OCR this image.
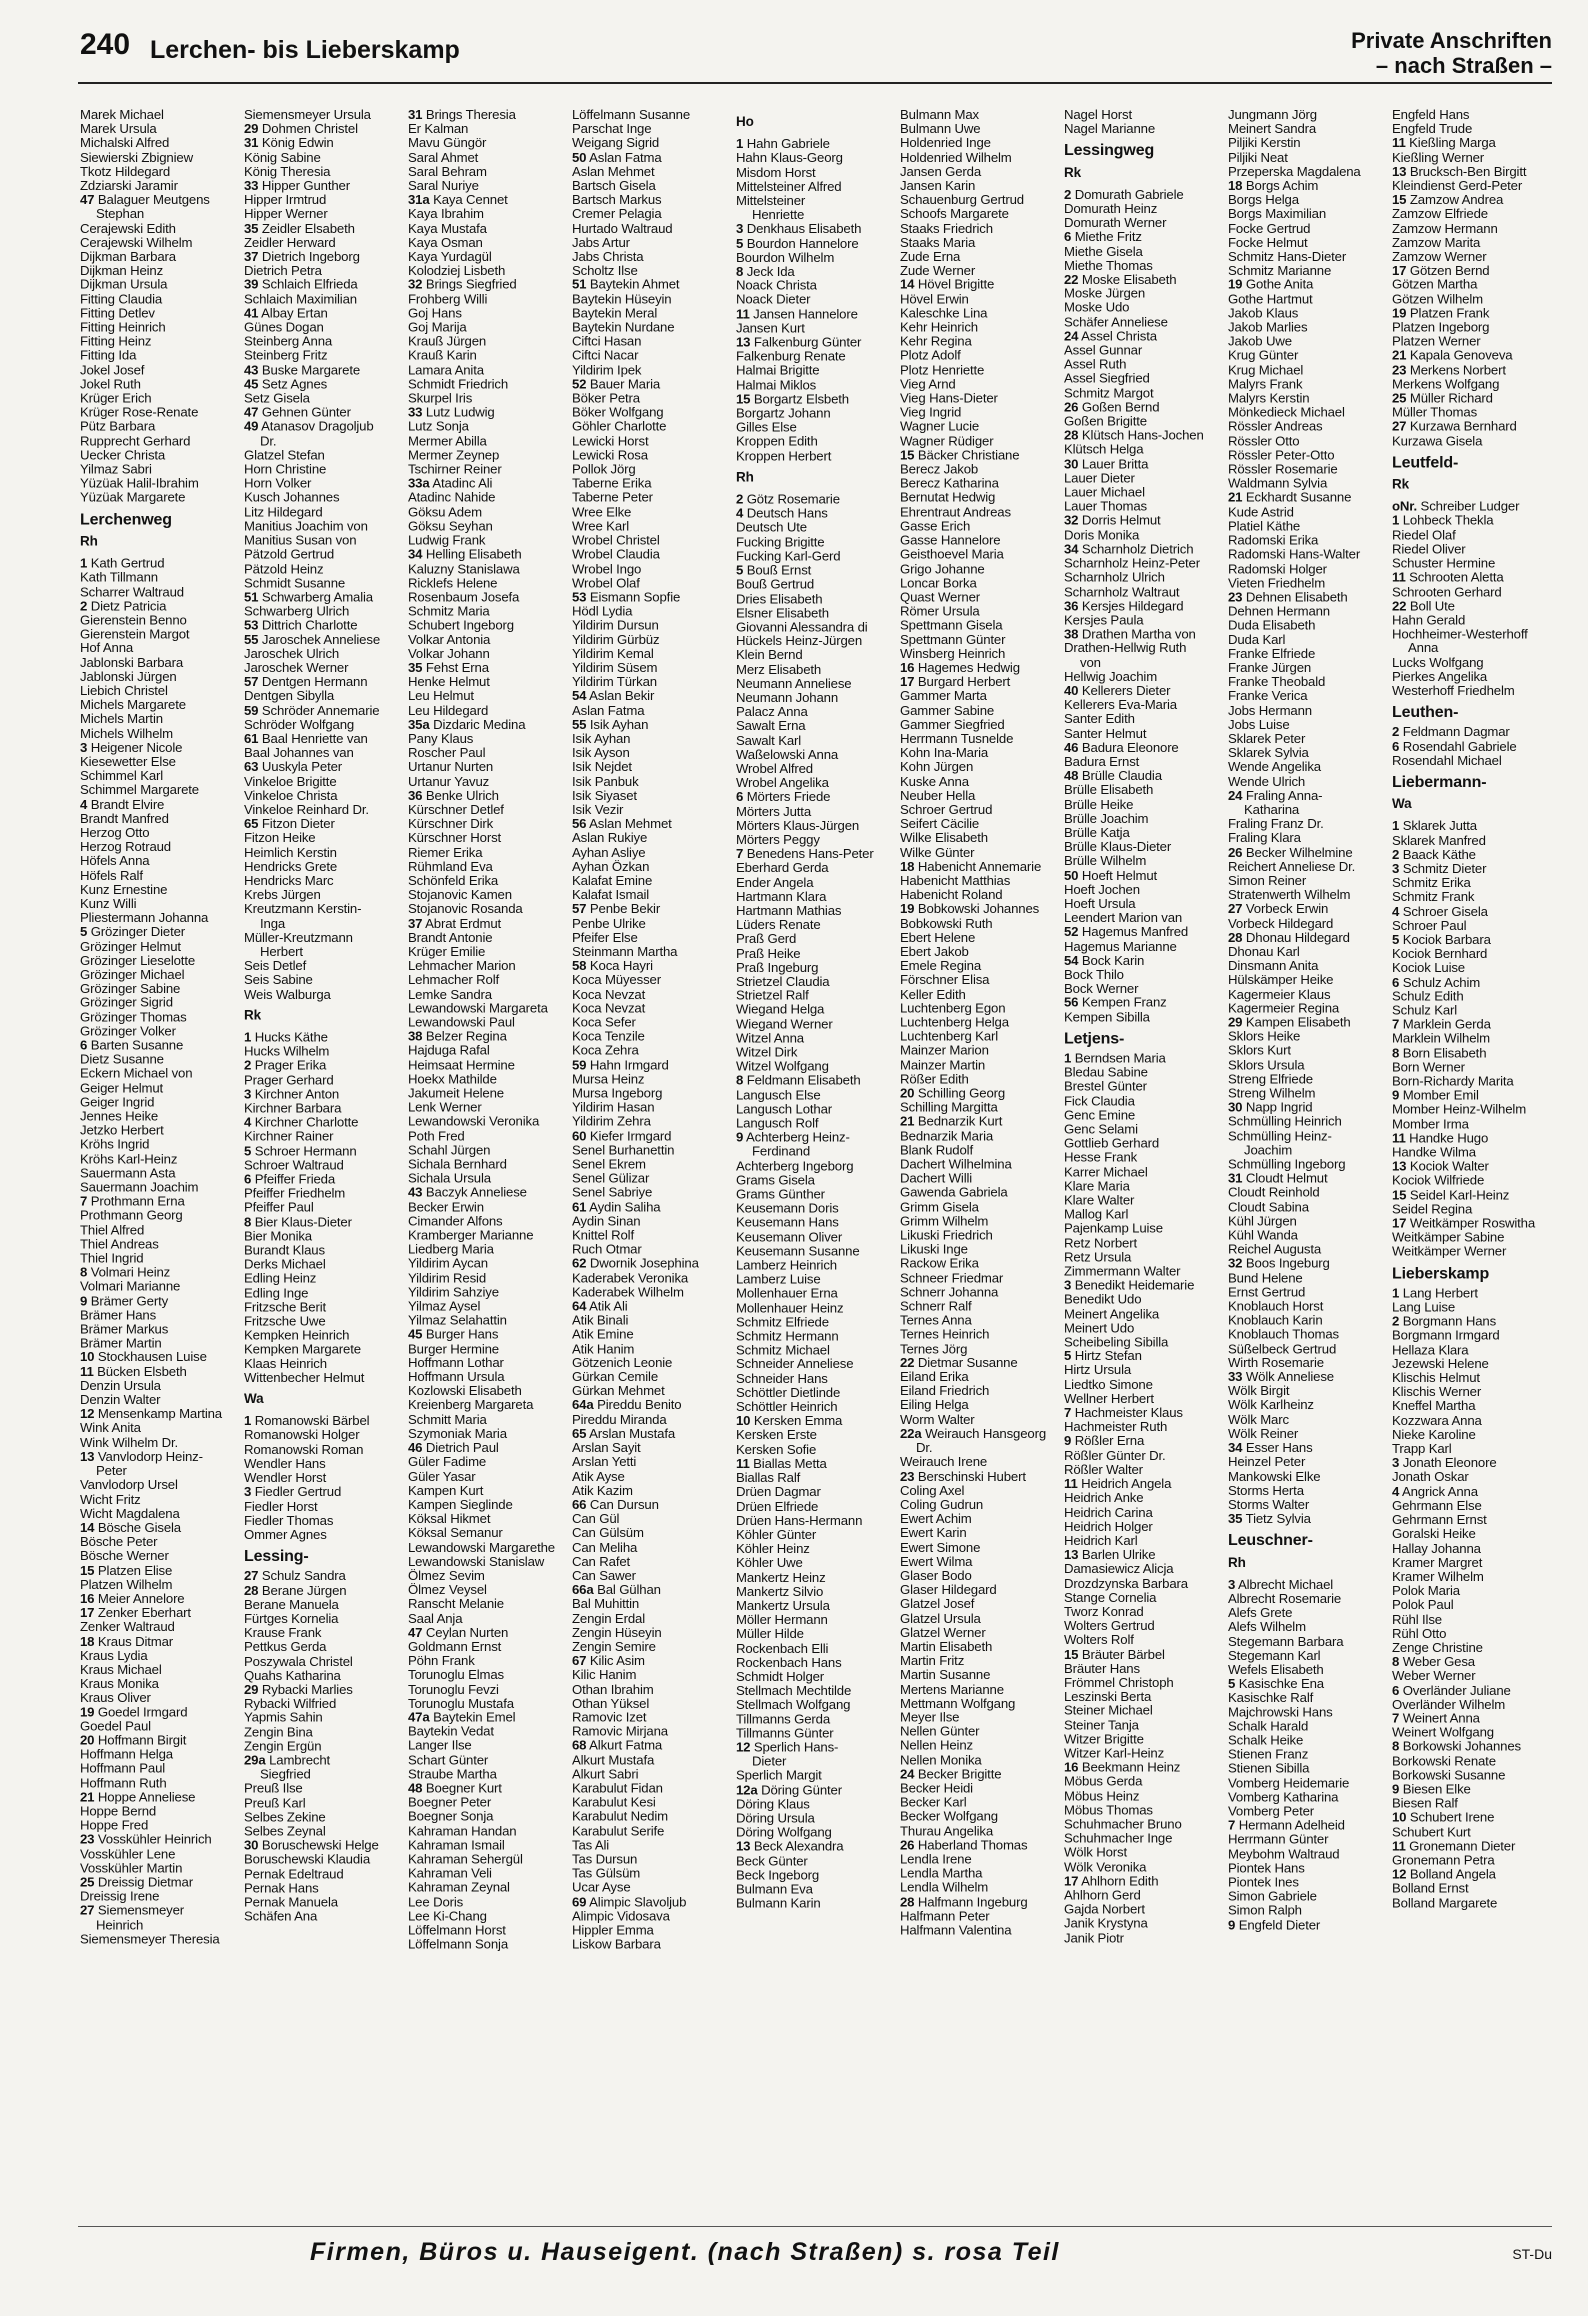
240 Lerchen- bis Lieberskamp	Private Anschriften
– nach Straßen –
Marek Michael
Marek Ursula
Michalski Alfred
Siewierski Zbigniew
Tkotz Hildegard
Zdziarski Jaramir
47 Balaguer Meutgens
Stephan
Cerajewski Edith
Cerajewski Wilhelm
Dijkman Barbara
Dijkman Heinz
Dijkman Ursula
Fitting Claudia
Fitting Detlev
Fitting Heinrich
Fitting Heinz
Fitting Ida
Jokel Josef
Jokel Ruth
Krüger Erich
Krüger Rose-Renate
Pütz Barbara
Rupprecht Gerhard
Uecker Christa
Yilmaz Sabri
Yüzüak Halil-Ibrahim
Yüzüak Margarete
Lerchenweg
Rh
1 Kath Gertrud
Kath Tillmann
Scharrer Waltraud
2 Dietz Patricia
Gierenstein Benno
Gierenstein Margot
Hof Anna
Jablonski Barbara
Jablonski Jürgen
Liebich Christel
Michels Margarete
Michels Martin
Michels Wilhelm
3 Heigener Nicole
Kiesewetter Else
Schimmel Karl
Schimmel Margarete
4 Brandt Elvire
Brandt Manfred
Herzog Otto
Herzog Rotraud
Höfels Anna
Höfels Ralf
Kunz Ernestine
Kunz Willi
Pliestermann Johanna
5 Grözinger Dieter
Grözinger Helmut
Grözinger Lieselotte
Grözinger Michael
Grözinger Sabine
Grözinger Sigrid
Grözinger Thomas
Grözinger Volker
6 Barten Susanne
Dietz Susanne
Eckern Michael von
Geiger Helmut
Geiger Ingrid
Jennes Heike
Jetzko Herbert
Kröhs Ingrid
Kröhs Karl-Heinz
Sauermann Asta
Sauermann Joachim
7 Prothmann Erna
Prothmann Georg
Thiel Alfred
Thiel Andreas
Thiel Ingrid
8 Volmari Heinz
Volmari Marianne
9 Brämer Gerty
Brämer Hans
Brämer Markus
Brämer Martin
10 Stockhausen Luise
11 Bücken Elsbeth
Denzin Ursula
Denzin Walter
12 Mensenkamp Martina
Wink Anita
Wink Wilhelm Dr.
13 Vanvlodorp Heinz-
Peter
Vanvlodorp Ursel
Wicht Fritz
Wicht Magdalena
14 Bösche Gisela
Bösche Peter
Bösche Werner
15 Platzen Elise
Platzen Wilhelm
16 Meier Annelore
17 Zenker Eberhart
Zenker Waltraud
18 Kraus Ditmar
Kraus Lydia
Kraus Michael
Kraus Monika
Kraus Oliver
19 Goedel Irmgard
Goedel Paul
20 Hoffmann Birgit
Hoffmann Helga
Hoffmann Paul
Hoffmann Ruth
21 Hoppe Anneliese
Hoppe Bernd
Hoppe Fred
23 Vosskühler Heinrich
Vosskühler Lene
Vosskühler Martin
25 Dreissig Dietmar
Dreissig Irene
27 Siemensmeyer
Heinrich
Siemensmeyer Theresia
Siemensmeyer Ursula
29 Dohmen Christel
31 König Edwin
König Sabine
König Theresia
33 Hipper Gunther
Hipper Irmtrud
Hipper Werner
35 Zeidler Elsabeth
Zeidler Herward
37 Dietrich Ingeborg
Dietrich Petra
39 Schlaich Elfrieda
Schlaich Maximilian
41 Albay Ertan
Günes Dogan
Steinberg Anna
Steinberg Fritz
43 Buske Margarete
45 Setz Agnes
Setz Gisela
47 Gehnen Günter
49 Atanasov Dragoljub
Dr.
Glatzel Stefan
Horn Christine
Horn Volker
Kusch Johannes
Litz Hildegard
Manitius Joachim von
Manitius Susan von
Pätzold Gertrud
Pätzold Heinz
Schmidt Susanne
51 Schwarberg Amalia
Schwarberg Ulrich
53 Dittrich Charlotte
55 Jaroschek Anneliese
Jaroschek Ulrich
Jaroschek Werner
57 Dentgen Hermann
Dentgen Sibylla
59 Schröder Annemarie
Schröder Wolfgang
61 Baal Henriette van
Baal Johannes van
63 Uuskyla Peter
Vinkeloe Brigitte
Vinkeloe Christa
Vinkeloe Reinhard Dr.
65 Fitzon Dieter
Fitzon Heike
Heimlich Kerstin
Hendricks Grete
Hendricks Marc
Krebs Jürgen
Kreutzmann Kerstin-
Inga
Müller-Kreutzmann
Herbert
Seis Detlef
Seis Sabine
Weis Walburga
Rk
1 Hucks Käthe
Hucks Wilhelm
2 Prager Erika
Prager Gerhard
3 Kirchner Anton
Kirchner Barbara
4 Kirchner Charlotte
Kirchner Rainer
5 Schroer Hermann
Schroer Waltraud
6 Pfeiffer Frieda
Pfeiffer Friedhelm
Pfeiffer Paul
8 Bier Klaus-Dieter
Bier Monika
Burandt Klaus
Derks Michael
Edling Heinz
Edling Inge
Fritzsche Berit
Fritzsche Uwe
Kempken Heinrich
Kempken Margarete
Klaas Heinrich
Wittenbecher Helmut
Wa
1 Romanowski Bärbel
Romanowski Holger
Romanowski Roman
Wendler Hans
Wendler Horst
3 Fiedler Gertrud
Fiedler Horst
Fiedler Thomas
Ommer Agnes
Lessing-
27 Schulz Sandra
28 Berane Jürgen
Berane Manuela
Fürtges Kornelia
Krause Frank
Pettkus Gerda
Poszywala Christel
Quahs Katharina
29 Rybacki Marlies
Rybacki Wilfried
Yapmis Sahin
Zengin Bina
Zengin Ergün
29a Lambrecht
Siegfried
Preuß Ilse
Preuß Karl
Selbes Zekine
Selbes Zeynal
30 Boruschewski Helge
Boruschewski Klaudia
Pernak Edeltraud
Pernak Hans
Pernak Manuela
Schäfen Ana
31 Brings Theresia
Er Kalman
Mavu Güngör
Saral Ahmet
Saral Behram
Saral Nuriye
31a Kaya Cennet
Kaya Ibrahim
Kaya Mustafa
Kaya Osman
Kaya Yurdagül
Kolodziej Lisbeth
32 Brings Siegfried
Frohberg Willi
Goj Hans
Goj Marija
Krauß Jürgen
Krauß Karin
Lamara Anita
Schmidt Friedrich
Skurpel Iris
33 Lutz Ludwig
Lutz Sonja
Mermer Abilla
Mermer Zeynep
Tschirner Reiner
33a Atadinc Ali
Atadinc Nahide
Göksu Adem
Göksu Seyhan
Ludwig Frank
34 Helling Elisabeth
Kaluzny Stanislawa
Ricklefs Helene
Rosenbaum Josefa
Schmitz Maria
Schubert Ingeborg
Volkar Antonia
Volkar Johann
35 Fehst Erna
Henke Helmut
Leu Helmut
Leu Hildegard
35a Dizdaric Medina
Pany Klaus
Roscher Paul
Urtanur Nurten
Urtanur Yavuz
36 Benke Ulrich
Kürschner Detlef
Kürschner Dirk
Kürschner Horst
Riemer Erika
Rühmland Eva
Schönfeld Erika
Stojanovic Kamen
Stojanovic Rosanda
37 Abrat Erdmut
Brandt Antonie
Krüger Emilie
Lehmacher Marion
Lehmacher Rolf
Lemke Sandra
Lewandowski Margareta
Lewandowski Paul
38 Belzer Regina
Hajduga Rafal
Heimsaat Hermine
Hoekx Mathilde
Jakumeit Helene
Lenk Werner
Lewandowski Veronika
Poth Fred
Schahl Jürgen
Sichala Bernhard
Sichala Ursula
43 Baczyk Anneliese
Becker Erwin
Cimander Alfons
Kramberger Marianne
Liedberg Maria
Yildirim Aycan
Yildirim Resid
Yildirim Sahziye
Yilmaz Aysel
Yilmaz Selahattin
45 Burger Hans
Burger Hermine
Hoffmann Lothar
Hoffmann Ursula
Kozlowski Elisabeth
Kreienberg Margareta
Schmitt Maria
Szymoniak Maria
46 Dietrich Paul
Güler Fadime
Güler Yasar
Kampen Kurt
Kampen Sieglinde
Köksal Hikmet
Köksal Semanur
Lewandowski Margarethe
Lewandowski Stanislaw
Ölmez Sevim
Ölmez Veysel
Ranscht Melanie
Saal Anja
47 Ceylan Nurten
Goldmann Ernst
Pöhn Frank
Torunoglu Elmas
Torunoglu Fevzi
Torunoglu Mustafa
47a Baytekin Emel
Baytekin Vedat
Langer Ilse
Schart Günter
Straube Martha
48 Boegner Kurt
Boegner Peter
Boegner Sonja
Kahraman Handan
Kahraman Ismail
Kahraman Sehergül
Kahraman Veli
Kahraman Zeynal
Lee Doris
Lee Ki-Chang
Löffelmann Horst
Löffelmann Sonja
Löffelmann Susanne
Parschat Inge
Weigang Sigrid
50 Aslan Fatma
Aslan Mehmet
Bartsch Gisela
Bartsch Markus
Cremer Pelagia
Hurtado Waltraud
Jabs Artur
Jabs Christa
Scholtz Ilse
51 Baytekin Ahmet
Baytekin Hüseyin
Baytekin Meral
Baytekin Nurdane
Ciftci Hasan
Ciftci Nacar
Yildirim Ipek
52 Bauer Maria
Böker Petra
Böker Wolfgang
Göhler Charlotte
Lewicki Horst
Lewicki Rosa
Pollok Jörg
Taberne Erika
Taberne Peter
Wree Elke
Wree Karl
Wrobel Christel
Wrobel Claudia
Wrobel Ingo
Wrobel Olaf
53 Eismann Sopfie
Hödl Lydia
Yildirim Dursun
Yildirim Gürbüz
Yildirim Kemal
Yildirim Süsem
Yildirim Türkan
54 Aslan Bekir
Aslan Fatma
55 Isik Ayhan
Isik Ayhan
Isik Ayson
Isik Nejdet
Isik Panbuk
Isik Siyaset
Isik Vezir
56 Aslan Mehmet
Aslan Rukiye
Ayhan Asliye
Ayhan Özkan
Kalafat Emine
Kalafat Ismail
57 Penbe Bekir
Penbe Ulrike
Pfeifer Else
Steinmann Martha
58 Koca Hayri
Koca Müyesser
Koca Nevzat
Koca Nevzat
Koca Sefer
Koca Tenzile
Koca Zehra
59 Hahn Irmgard
Mursa Heinz
Mursa Ingeborg
Yildirim Hasan
Yildirim Zehra
60 Kiefer Irmgard
Senel Burhanettin
Senel Ekrem
Senel Gülizar
Senel Sabriye
61 Aydin Saliha
Aydin Sinan
Knittel Rolf
Ruch Otmar
62 Dwornik Josephina
Kaderabek Veronika
Kaderabek Wilhelm
64 Atik Ali
Atik Binali
Atik Emine
Atik Hanim
Götzenich Leonie
Gürkan Cemile
Gürkan Mehmet
64a Pireddu Benito
Pireddu Miranda
65 Arslan Mustafa
Arslan Sayit
Arslan Yetti
Atik Ayse
Atik Kazim
66 Can Dursun
Can Gül
Can Gülsüm
Can Meliha
Can Rafet
Can Sawer
66a Bal Gülhan
Bal Muhittin
Zengin Erdal
Zengin Hüseyin
Zengin Semire
67 Kilic Asim
Kilic Hanim
Othan Ibrahim
Othan Yüksel
Ramovic Izet
Ramovic Mirjana
68 Alkurt Fatma
Alkurt Mustafa
Alkurt Sabri
Karabulut Fidan
Karabulut Kesi
Karabulut Nedim
Karabulut Serife
Tas Ali
Tas Dursun
Tas Gülsüm
Ucar Ayse
69 Alimpic Slavoljub
Alimpic Vidosava
Hippler Emma
Liskow Barbara
Ho
1 Hahn Gabriele
Hahn Klaus-Georg
Misdom Horst
Mittelsteiner Alfred
Mittelsteiner
Henriette
3 Denkhaus Elisabeth
5 Bourdon Hannelore
Bourdon Wilhelm
8 Jeck Ida
Noack Christa
Noack Dieter
11 Jansen Hannelore
Jansen Kurt
13 Falkenburg Günter
Falkenburg Renate
Halmai Brigitte
Halmai Miklos
15 Borgartz Elsbeth
Borgartz Johann
Gilles Else
Kroppen Edith
Kroppen Herbert
Rh
2 Götz Rosemarie
4 Deutsch Hans
Deutsch Ute
Fucking Brigitte
Fucking Karl-Gerd
5 Bouß Ernst
Bouß Gertrud
Dries Elisabeth
Elsner Elisabeth
Giovanni Alessandra di
Hückels Heinz-Jürgen
Klein Bernd
Merz Elisabeth
Neumann Anneliese
Neumann Johann
Palacz Anna
Sawalt Erna
Sawalt Karl
Waßelowski Anna
Wrobel Alfred
Wrobel Angelika
6 Mörters Friede
Mörters Jutta
Mörters Klaus-Jürgen
Mörters Peggy
7 Benedens Hans-Peter
Eberhard Gerda
Ender Angela
Hartmann Klara
Hartmann Mathias
Lüders Renate
Praß Gerd
Praß Heike
Praß Ingeburg
Strietzel Claudia
Strietzel Ralf
Wiegand Helga
Wiegand Werner
Witzel Anna
Witzel Dirk
Witzel Wolfgang
8 Feldmann Elisabeth
Langusch Else
Langusch Lothar
Langusch Rolf
9 Achterberg Heinz-
Ferdinand
Achterberg Ingeborg
Grams Gisela
Grams Günther
Keusemann Doris
Keusemann Hans
Keusemann Oliver
Keusemann Susanne
Lamberz Heinrich
Lamberz Luise
Mollenhauer Erna
Mollenhauer Heinz
Schmitz Elfriede
Schmitz Hermann
Schmitz Michael
Schneider Anneliese
Schneider Hans
Schöttler Dietlinde
Schöttler Heinrich
10 Kersken Emma
Kersken Erste
Kersken Sofie
11 Biallas Metta
Biallas Ralf
Drüen Dagmar
Drüen Elfriede
Drüen Hans-Hermann
Köhler Günter
Köhler Heinz
Köhler Uwe
Mankertz Heinz
Mankertz Silvio
Mankertz Ursula
Möller Hermann
Müller Hilde
Rockenbach Elli
Rockenbach Hans
Schmidt Holger
Stellmach Mechtilde
Stellmach Wolfgang
Tillmanns Gerda
Tillmanns Günter
12 Sperlich Hans-
Dieter
Sperlich Margit
12a Döring Günter
Döring Klaus
Döring Ursula
Döring Wolfgang
13 Beck Alexandra
Beck Günter
Beck Ingeborg
Bulmann Eva
Bulmann Karin
Bulmann Max
Bulmann Uwe
Holdenried Inge
Holdenried Wilhelm
Jansen Gerda
Jansen Karin
Schauenburg Gertrud
Schoofs Margarete
Staaks Friedrich
Staaks Maria
Zude Erna
Zude Werner
14 Hövel Brigitte
Hövel Erwin
Kaleschke Lina
Kehr Heinrich
Kehr Regina
Plotz Adolf
Plotz Henriette
Vieg Arnd
Vieg Hans-Dieter
Vieg Ingrid
Wagner Lucie
Wagner Rüdiger
15 Bäcker Christiane
Berecz Jakob
Berecz Katharina
Bernutat Hedwig
Ehrentraut Andreas
Gasse Erich
Gasse Hannelore
Geisthoevel Maria
Grigo Johanne
Loncar Borka
Quast Werner
Römer Ursula
Spettmann Gisela
Spettmann Günter
Winsberg Heinrich
16 Hagemes Hedwig
17 Burgard Herbert
Gammer Marta
Gammer Sabine
Gammer Siegfried
Herrmann Tusnelde
Kohn Ina-Maria
Kohn Jürgen
Kuske Anna
Neuber Hella
Schroer Gertrud
Seifert Cäcilie
Wilke Elisabeth
Wilke Günter
18 Habenicht Annemarie
Habenicht Matthias
Habenicht Roland
19 Bobkowski Johannes
Bobkowski Ruth
Ebert Helene
Ebert Jakob
Emele Regina
Förschner Elisa
Keller Edith
Luchtenberg Egon
Luchtenberg Helga
Luchtenberg Karl
Mainzer Marion
Mainzer Martin
Rößer Edith
20 Schilling Georg
Schilling Margitta
21 Bednarzik Kurt
Bednarzik Maria
Blank Rudolf
Dachert Wilhelmina
Dachert Willi
Gawenda Gabriela
Grimm Gisela
Grimm Wilhelm
Likuski Friedrich
Likuski Inge
Rackow Erika
Schneer Friedmar
Schnerr Johanna
Schnerr Ralf
Ternes Anna
Ternes Heinrich
Ternes Jörg
22 Dietmar Susanne
Eiland Erika
Eiland Friedrich
Eiling Helga
Worm Walter
22a Weirauch Hansgeorg
Dr.
Weirauch Irene
23 Berschinski Hubert
Coling Axel
Coling Gudrun
Ewert Achim
Ewert Karin
Ewert Simone
Ewert Wilma
Glaser Bodo
Glaser Hildegard
Glatzel Josef
Glatzel Ursula
Glatzel Werner
Martin Elisabeth
Martin Fritz
Martin Susanne
Mertens Marianne
Mettmann Wolfgang
Meyer Ilse
Nellen Günter
Nellen Heinz
Nellen Monika
24 Becker Brigitte
Becker Heidi
Becker Karl
Becker Wolfgang
Thurau Angelika
26 Haberland Thomas
Lendla Irene
Lendla Martha
Lendla Wilhelm
28 Halfmann Ingeburg
Halfmann Peter
Halfmann Valentina
Nagel Horst
Nagel Marianne
Lessingweg
Rk
2 Domurath Gabriele
Domurath Heinz
Domurath Werner
6 Miethe Fritz
Miethe Gisela
Miethe Thomas
22 Moske Elisabeth
Moske Jürgen
Moske Udo
Schäfer Anneliese
24 Assel Christa
Assel Gunnar
Assel Ruth
Assel Siegfried
Schmitz Margot
26 Goßen Bernd
Goßen Brigitte
28 Klütsch Hans-Jochen
Klütsch Helga
30 Lauer Britta
Lauer Dieter
Lauer Michael
Lauer Thomas
32 Dorris Helmut
Doris Monika
34 Scharnholz Dietrich
Scharnholz Heinz-Peter
Scharnholz Ulrich
Scharnholz Waltraut
36 Kersjes Hildegard
Kersjes Paula
38 Drathen Martha von
Drathen-Hellwig Ruth
von
Hellwig Joachim
40 Kellerers Dieter
Kellerers Eva-Maria
Santer Edith
Santer Helmut
46 Badura Eleonore
Badura Ernst
48 Brülle Claudia
Brülle Elisabeth
Brülle Heike
Brülle Joachim
Brülle Katja
Brülle Klaus-Dieter
Brülle Wilhelm
50 Hoeft Helmut
Hoeft Jochen
Hoeft Ursula
Leendert Marion van
52 Hagemus Manfred
Hagemus Marianne
54 Bock Karin
Bock Thilo
Bock Werner
56 Kempen Franz
Kempen Sibilla
Letjens-
1 Berndsen Maria
Bledau Sabine
Brestel Günter
Fick Claudia
Genc Emine
Genc Selami
Gottlieb Gerhard
Hesse Frank
Karrer Michael
Klare Maria
Klare Walter
Mallog Karl
Pajenkamp Luise
Retz Norbert
Retz Ursula
Zimmermann Walter
3 Benedikt Heidemarie
Benedikt Udo
Meinert Angelika
Meinert Udo
Scheibeling Sibilla
5 Hirtz Stefan
Hirtz Ursula
Liedtko Simone
Wellner Herbert
7 Hachmeister Klaus
Hachmeister Ruth
9 Rößler Erna
Rößler Günter Dr.
Rößler Walter
11 Heidrich Angela
Heidrich Anke
Heidrich Carina
Heidrich Holger
Heidrich Karl
13 Barlen Ulrike
Damasiewicz Alicja
Drozdzynska Barbara
Stange Cornelia
Tworz Konrad
Wolters Gertrud
Wolters Rolf
15 Bräuter Bärbel
Bräuter Hans
Frömmel Christoph
Leszinski Berta
Steiner Michael
Steiner Tanja
Witzer Brigitte
Witzer Karl-Heinz
16 Beekmann Heinz
Möbus Gerda
Möbus Heinz
Möbus Thomas
Schuhmacher Bruno
Schuhmacher Inge
Wölk Horst
Wölk Veronika
17 Ahlhorn Edith
Ahlhorn Gerd
Gajda Norbert
Janik Krystyna
Janik Piotr
Jungmann Jörg
Meinert Sandra
Piljiki Kerstin
Piljiki Neat
Przeperska Magdalena
18 Borgs Achim
Borgs Helga
Borgs Maximilian
Focke Gertrud
Focke Helmut
Schmitz Hans-Dieter
Schmitz Marianne
19 Gothe Anita
Gothe Hartmut
Jakob Klaus
Jakob Marlies
Jakob Uwe
Krug Günter
Krug Michael
Malyrs Frank
Malyrs Kerstin
Mönkedieck Michael
Rössler Andreas
Rössler Otto
Rössler Peter-Otto
Rössler Rosemarie
Waldmann Sylvia
21 Eckhardt Susanne
Kude Astrid
Platiel Käthe
Radomski Erika
Radomski Hans-Walter
Radomski Holger
Vieten Friedhelm
23 Dehnen Elisabeth
Dehnen Hermann
Duda Elisabeth
Duda Karl
Franke Elfriede
Franke Jürgen
Franke Theobald
Franke Verica
Jobs Hermann
Jobs Luise
Sklarek Peter
Sklarek Sylvia
Wende Angelika
Wende Ulrich
24 Fraling Anna-
Katharina
Fraling Franz Dr.
Fraling Klara
26 Becker Wilhelmine
Reichert Anneliese Dr.
Simon Reiner
Stratenwerth Wilhelm
27 Vorbeck Erwin
Vorbeck Hildegard
28 Dhonau Hildegard
Dhonau Karl
Dinsmann Anita
Hülskämper Heike
Kagermeier Klaus
Kagermeier Regina
29 Kampen Elisabeth
Sklors Heike
Sklors Kurt
Sklors Ursula
Streng Elfriede
Streng Wilhelm
30 Napp Ingrid
Schmülling Heinrich
Schmülling Heinz-
Joachim
Schmülling Ingeborg
31 Cloudt Helmut
Cloudt Reinhold
Cloudt Sabina
Kühl Jürgen
Kühl Wanda
Reichel Augusta
32 Boos Ingeburg
Bund Helene
Ernst Gertrud
Knoblauch Horst
Knoblauch Karin
Knoblauch Thomas
Süßelbeck Gertrud
Wirth Rosemarie
33 Wölk Anneliese
Wölk Birgit
Wölk Karlheinz
Wölk Marc
Wölk Reiner
34 Esser Hans
Heinzel Peter
Mankowski Elke
Storms Herta
Storms Walter
35 Tietz Sylvia
Leuschner-
Rh
3 Albrecht Michael
Albrecht Rosemarie
Alefs Grete
Alefs Wilhelm
Stegemann Barbara
Stegemann Karl
Wefels Elisabeth
5 Kasischke Ena
Kasischke Ralf
Majchrowski Hans
Schalk Harald
Schalk Heike
Stienen Franz
Stienen Sibilla
Vomberg Heidemarie
Vomberg Katharina
Vomberg Peter
7 Hermann Adelheid
Herrmann Günter
Meybohm Waltraud
Piontek Hans
Piontek Ines
Simon Gabriele
Simon Ralph
9 Engfeld Dieter
Engfeld Hans
Engfeld Trude
11 Kießling Marga
Kießling Werner
13 Brucksch-Ben Birgitt
Kleindienst Gerd-Peter
15 Zamzow Andrea
Zamzow Elfriede
Zamzow Hermann
Zamzow Marita
Zamzow Werner
17 Götzen Bernd
Götzen Martha
Götzen Wilhelm
19 Platzen Frank
Platzen Ingeborg
Platzen Werner
21 Kapala Genoveva
23 Merkens Norbert
Merkens Wolfgang
25 Müller Richard
Müller Thomas
27 Kurzawa Bernhard
Kurzawa Gisela
Leutfeld-
Rk
oNr. Schreiber Ludger
1 Lohbeck Thekla
Riedel Olaf
Riedel Oliver
Schuster Hermine
11 Schrooten Aletta
Schrooten Gerhard
22 Boll Ute
Hahn Gerald
Hochheimer-Westerhoff
Anna
Lucks Wolfgang
Pierkes Angelika
Westerhoff Friedhelm
Leuthen-
2 Feldmann Dagmar
6 Rosendahl Gabriele
Rosendahl Michael
Liebermann-
Wa
1 Sklarek Jutta
Sklarek Manfred
2 Baack Käthe
3 Schmitz Dieter
Schmitz Erika
Schmitz Frank
4 Schroer Gisela
Schroer Paul
5 Kociok Barbara
Kociok Bernhard
Kociok Luise
6 Schulz Achim
Schulz Edith
Schulz Karl
7 Marklein Gerda
Marklein Wilhelm
8 Born Elisabeth
Born Werner
Born-Richardy Marita
9 Momber Emil
Momber Heinz-Wilhelm
Momber Irma
11 Handke Hugo
Handke Wilma
13 Kociok Walter
Kociok Wilfriede
15 Seidel Karl-Heinz
Seidel Regina
17 Weitkämper Roswitha
Weitkämper Sabine
Weitkämper Werner
Lieberskamp
1 Lang Herbert
Lang Luise
2 Borgmann Hans
Borgmann Irmgard
Hellaza Klara
Jezewski Helene
Klischis Helmut
Klischis Werner
Kneffel Martha
Kozzwara Anna
Nieke Karoline
Trapp Karl
3 Jonath Eleonore
Jonath Oskar
4 Angrick Anna
Gehrmann Else
Gehrmann Ernst
Goralski Heike
Hallay Johanna
Kramer Margret
Kramer Wilhelm
Polok Maria
Polok Paul
Rühl Ilse
Rühl Otto
Zenge Christine
8 Weber Gesa
Weber Werner
6 Overländer Juliane
Overländer Wilhelm
7 Weinert Anna
Weinert Wolfgang
8 Borkowski Johannes
Borkowski Renate
Borkowski Susanne
9 Biesen Elke
Biesen Ralf
10 Schubert Irene
Schubert Kurt
11 Gronemann Dieter
Gronemann Petra
12 Bolland Angela
Bolland Ernst
Bolland Margarete
Firmen, Büros u. Hauseigent. (nach Straßen) s. rosa Teil	ST-Du
